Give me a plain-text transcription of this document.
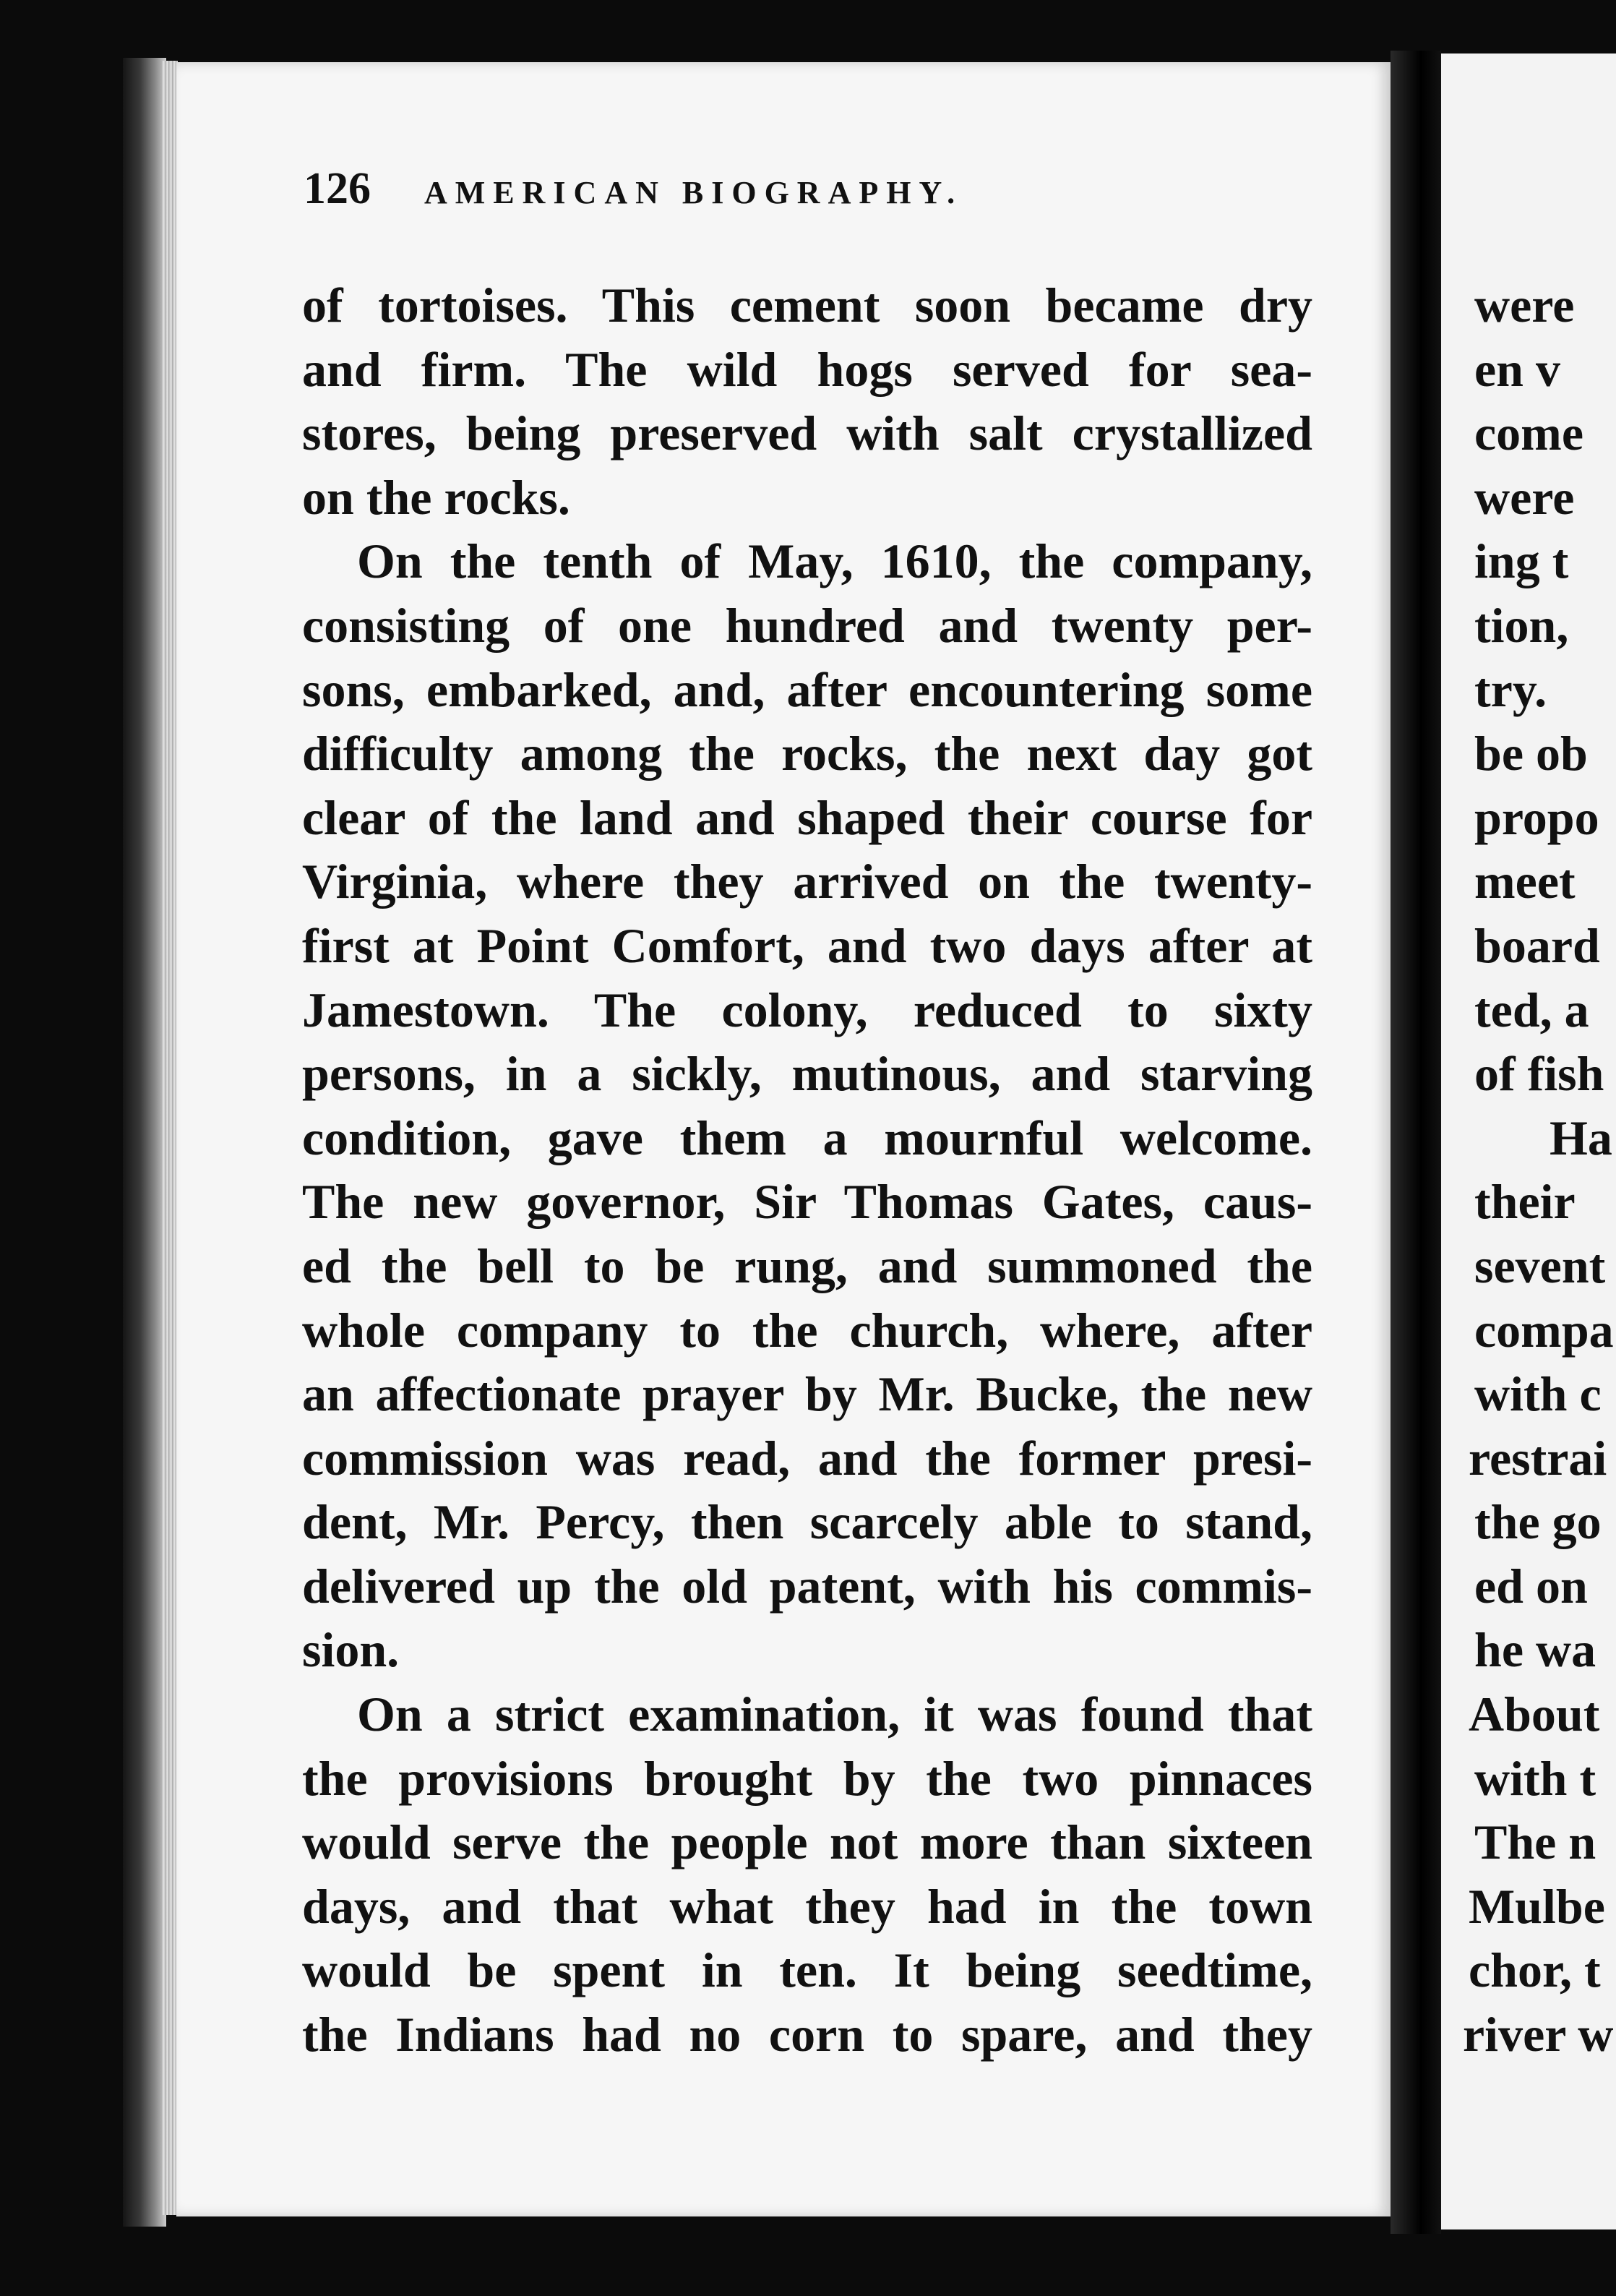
126 AMERICAN BIOGRAPHY.
of tortoises. This cement soon became dry
and firm. The wild hogs served for sea-
stores, being preserved with salt crystallized
on the rocks.
On the tenth of May, 1610, the company,
consisting of one hundred and twenty per-
sons, embarked, and, after encountering some
difficulty among the rocks, the next day got
clear of the land and shaped their course for
Virginia, where they arrived on the twenty-
first at Point Comfort, and two days after at
Jamestown. The colony, reduced to sixty
persons, in a sickly, mutinous, and starving
condition, gave them a mournful welcome.
The new governor, Sir Thomas Gates, caus-
ed the bell to be rung, and summoned the
whole company to the church, where, after
an affectionate prayer by Mr. Bucke, the new
commission was read, and the former presi-
dent, Mr. Percy, then scarcely able to stand,
delivered up the old patent, with his commis-
sion.
On a strict examination, it was found that
the provisions brought by the two pinnaces
would serve the people not more than sixteen
days, and that what they had in the town
would be spent in ten. It being seedtime,
the Indians had no corn to spare, and they
were
en v
come
were
ing t
tion,
try.
be ob
propo
meet
board
ted, a
of fish
Ha
their
sevent
compa
with c
restrai
the go
ed on
he wa
About
with t
The n
Mulbe
chor, t
river w
